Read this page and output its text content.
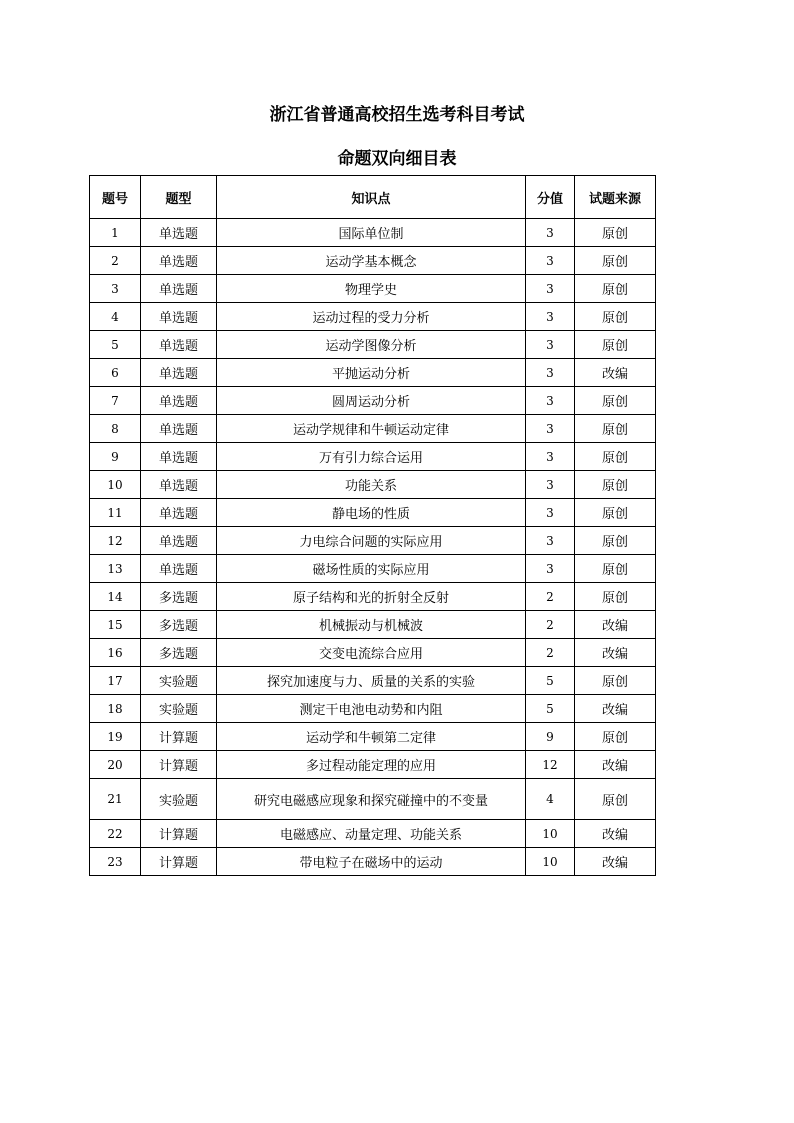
浙江省普通高校招生选考科目考试
命题双向细目表
题号	题型	知识点	分值	试题来源
1	单选题	国际单位制	3	原创
2	单选题	运动学基本概念	3	原创
3	单选题	物理学史	3	原创
4	单选题	运动过程的受力分析	3	原创
5	单选题	运动学图像分析	3	原创
6	单选题	平抛运动分析	3	改编
7	单选题	圆周运动分析	3	原创
8	单选题	运动学规律和牛顿运动定律	3	原创
9	单选题	万有引力综合运用	3	原创
10	单选题	功能关系	3	原创
11	单选题	静电场的性质	3	原创
12	单选题	力电综合问题的实际应用	3	原创
13	单选题	磁场性质的实际应用	3	原创
14	多选题	原子结构和光的折射全反射	2	原创
15	多选题	机械振动与机械波	2	改编
16	多选题	交变电流综合应用	2	改编
17	实验题	探究加速度与力、质量的关系的实验	5	原创
18	实验题	测定干电池电动势和内阻	5	改编
19	计算题	运动学和牛顿第二定律	9	原创
20	计算题	多过程动能定理的应用	12	改编
21	实验题	研究电磁感应现象和探究碰撞中的不变量	4	原创
22	计算题	电磁感应、动量定理、功能关系	10	改编
23	计算题	带电粒子在磁场中的运动	10	改编
